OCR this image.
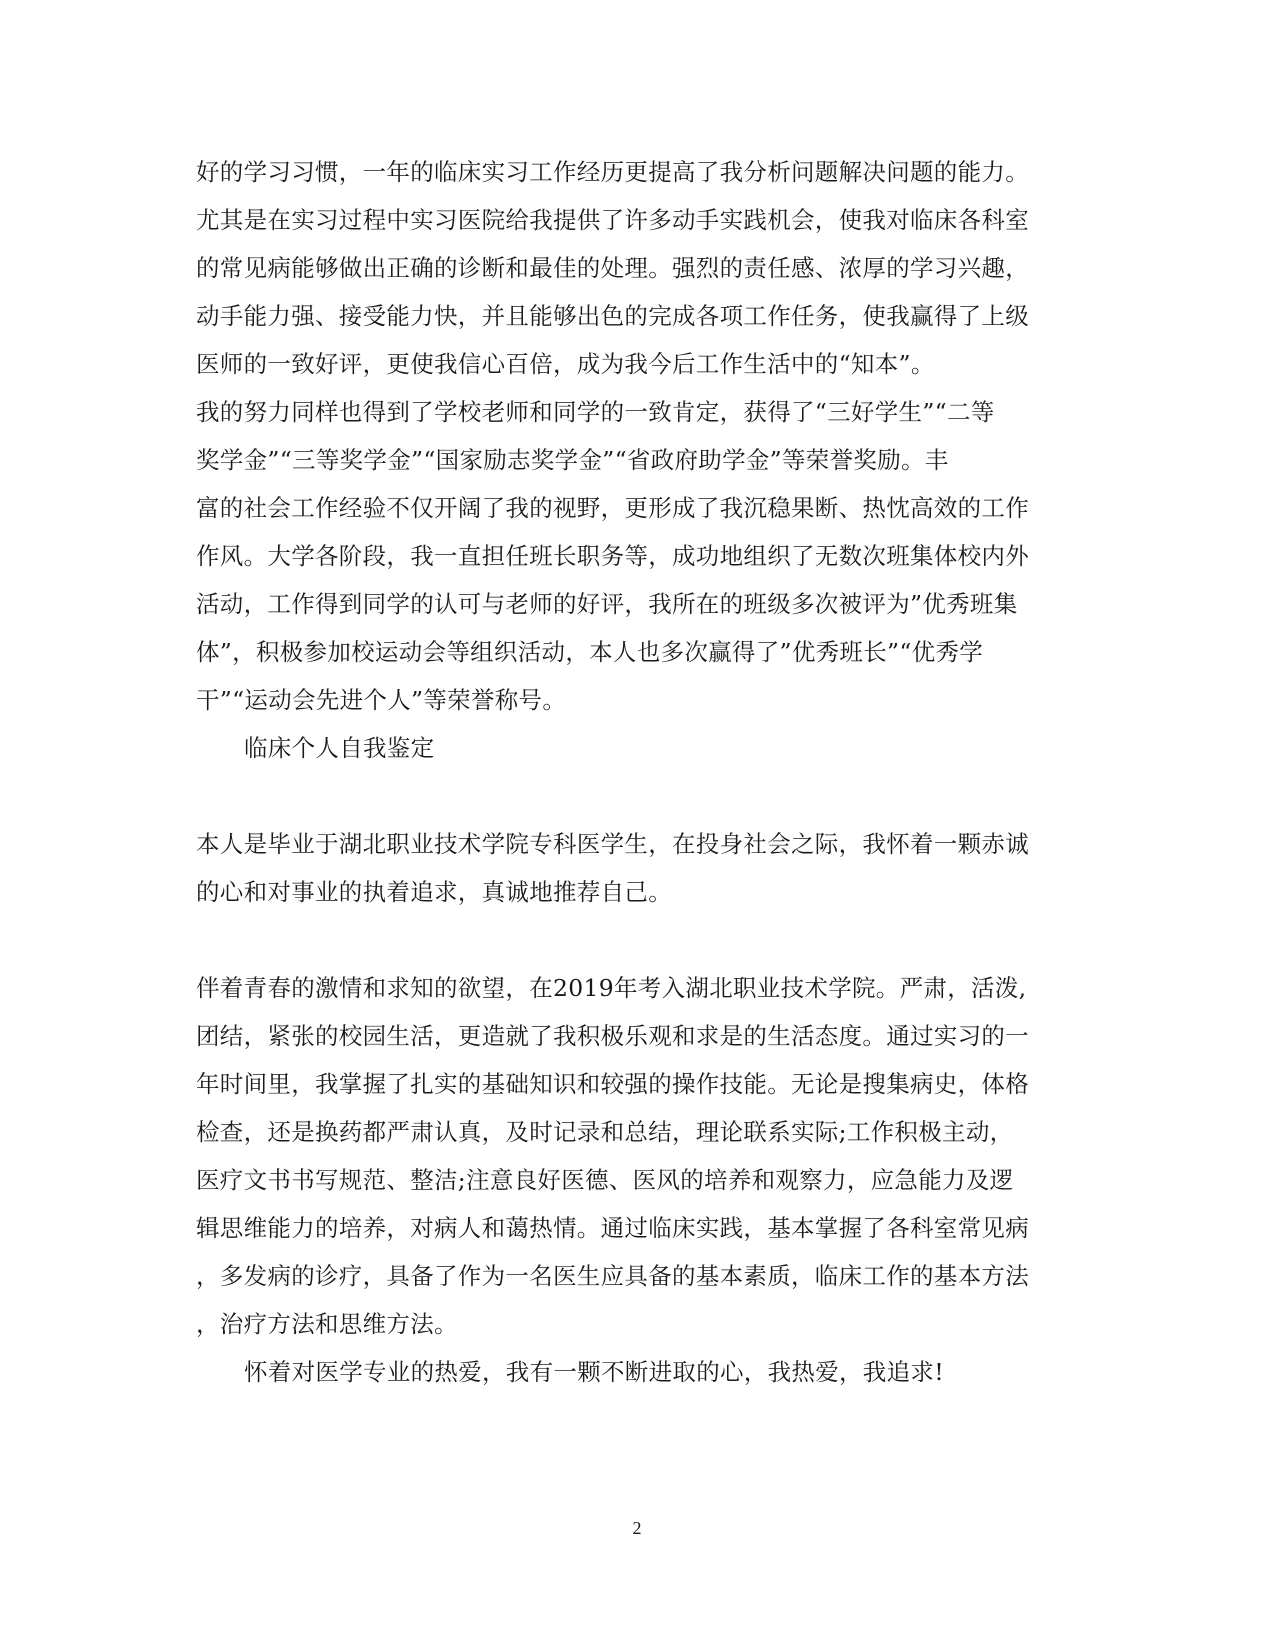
好的学习习惯，一年的临床实习工作经历更提高了我分析问题解决问题的能力。
尤其是在实习过程中实习医院给我提供了许多动手实践机会，使我对临床各科室
的常见病能够做出正确的诊断和最佳的处理。强烈的责任感、浓厚的学习兴趣，
动手能力强、接受能力快，并且能够出色的完成各项工作任务，使我赢得了上级
医师的一致好评，更使我信心百倍，成为我今后工作生活中的“知本”。
我的努力同样也得到了学校老师和同学的一致肯定，获得了“三好学生”“二等
奖学金”“三等奖学金”“国家励志奖学金”“省政府助学金”等荣誉奖励。丰
富的社会工作经验不仅开阔了我的视野，更形成了我沉稳果断、热忱高效的工作
作风。大学各阶段，我一直担任班长职务等，成功地组织了无数次班集体校内外
活动，工作得到同学的认可与老师的好评，我所在的班级多次被评为”优秀班集
体”，积极参加校运动会等组织活动，本人也多次赢得了”优秀班长”“优秀学
干”“运动会先进个人”等荣誉称号。
临床个人自我鉴定
本人是毕业于湖北职业技术学院专科医学生，在投身社会之际，我怀着一颗赤诚
的心和对事业的执着追求，真诚地推荐自己。
伴着青春的激情和求知的欲望，在2019年考入湖北职业技术学院。严肃，活泼,
团结，紧张的校园生活，更造就了我积极乐观和求是的生活态度。通过实习的一
年时间里，我掌握了扎实的基础知识和较强的操作技能。无论是搜集病史，体格
检查，还是换药都严肃认真，及时记录和总结，理论联系实际;工作积极主动，
医疗文书书写规范、整洁;注意良好医德、医风的培养和观察力，应急能力及逻
辑思维能力的培养，对病人和蔼热情。通过临床实践，基本掌握了各科室常见病
，多发病的诊疗，具备了作为一名医生应具备的基本素质，临床工作的基本方法
，治疗方法和思维方法。
怀着对医学专业的热爱，我有一颗不断进取的心，我热爱，我追求!
2
